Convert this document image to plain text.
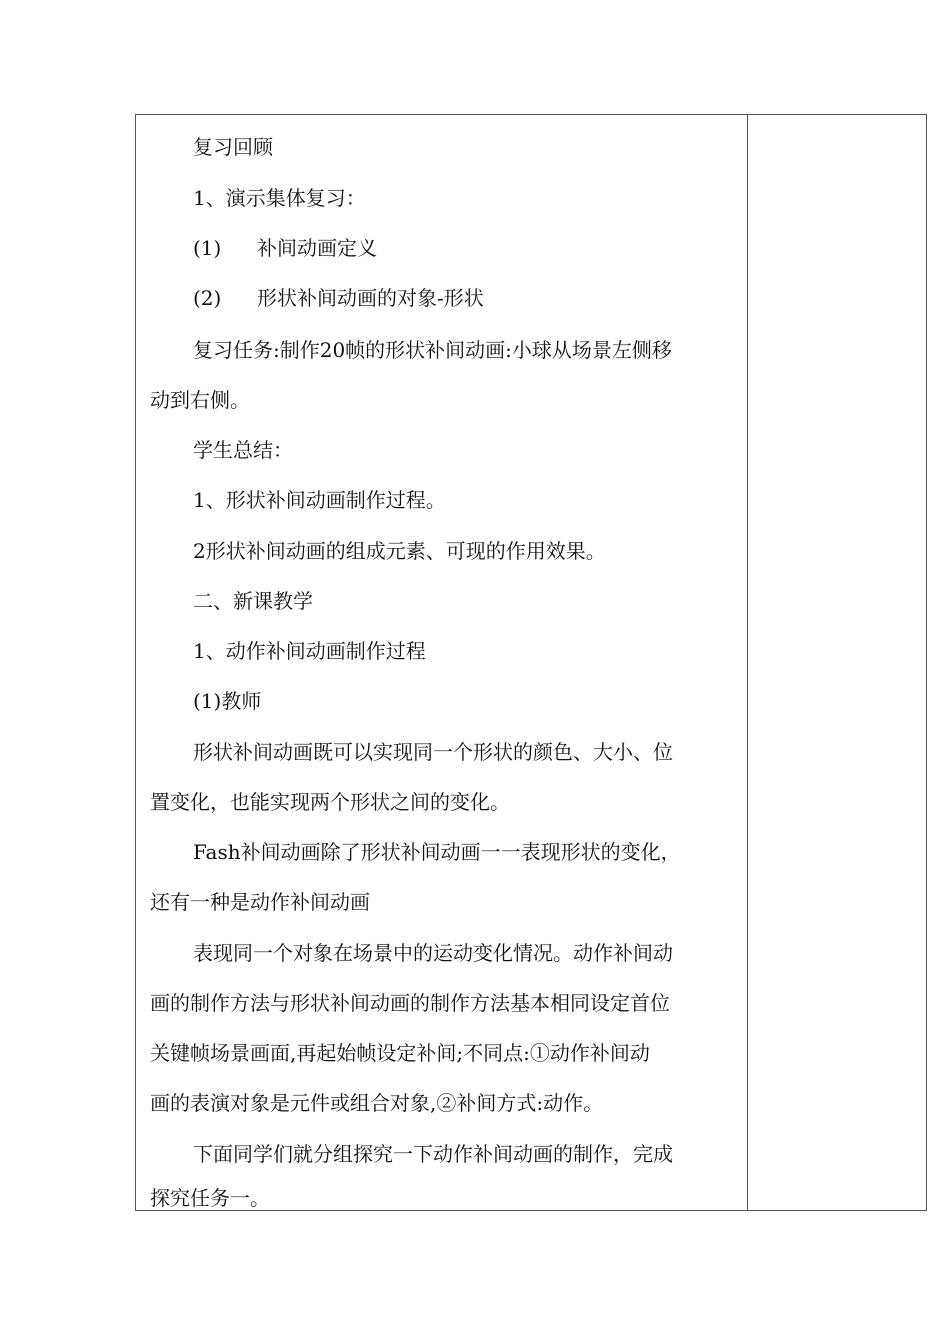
复习回顾
1、演示集体复习：
(1) 补间动画定义
(2) 形状补间动画的对象-形状
复习任务:制作20帧的形状补间动画:小球从场景左侧移
动到右侧。
学生总结：
1、形状补间动画制作过程。
2形状补间动画的组成元素、可现的作用效果。
二、新课教学
1、动作补间动画制作过程
(1)教师
形状补间动画既可以实现同一个形状的颜色、大小、位
置变化，也能实现两个形状之间的变化。
Fash补间动画除了形状补间动画一一表现形状的变化，
还有一种是动作补间动画
表现同一个对象在场景中的运动变化情况。动作补间动
画的制作方法与形状补间动画的制作方法基本相同设定首位
关键帧场景画面,再起始帧设定补间;不同点:①动作补间动
画的表演对象是元件或组合对象,②补间方式:动作。
下面同学们就分组探究一下动作补间动画的制作，完成
探究任务一。
